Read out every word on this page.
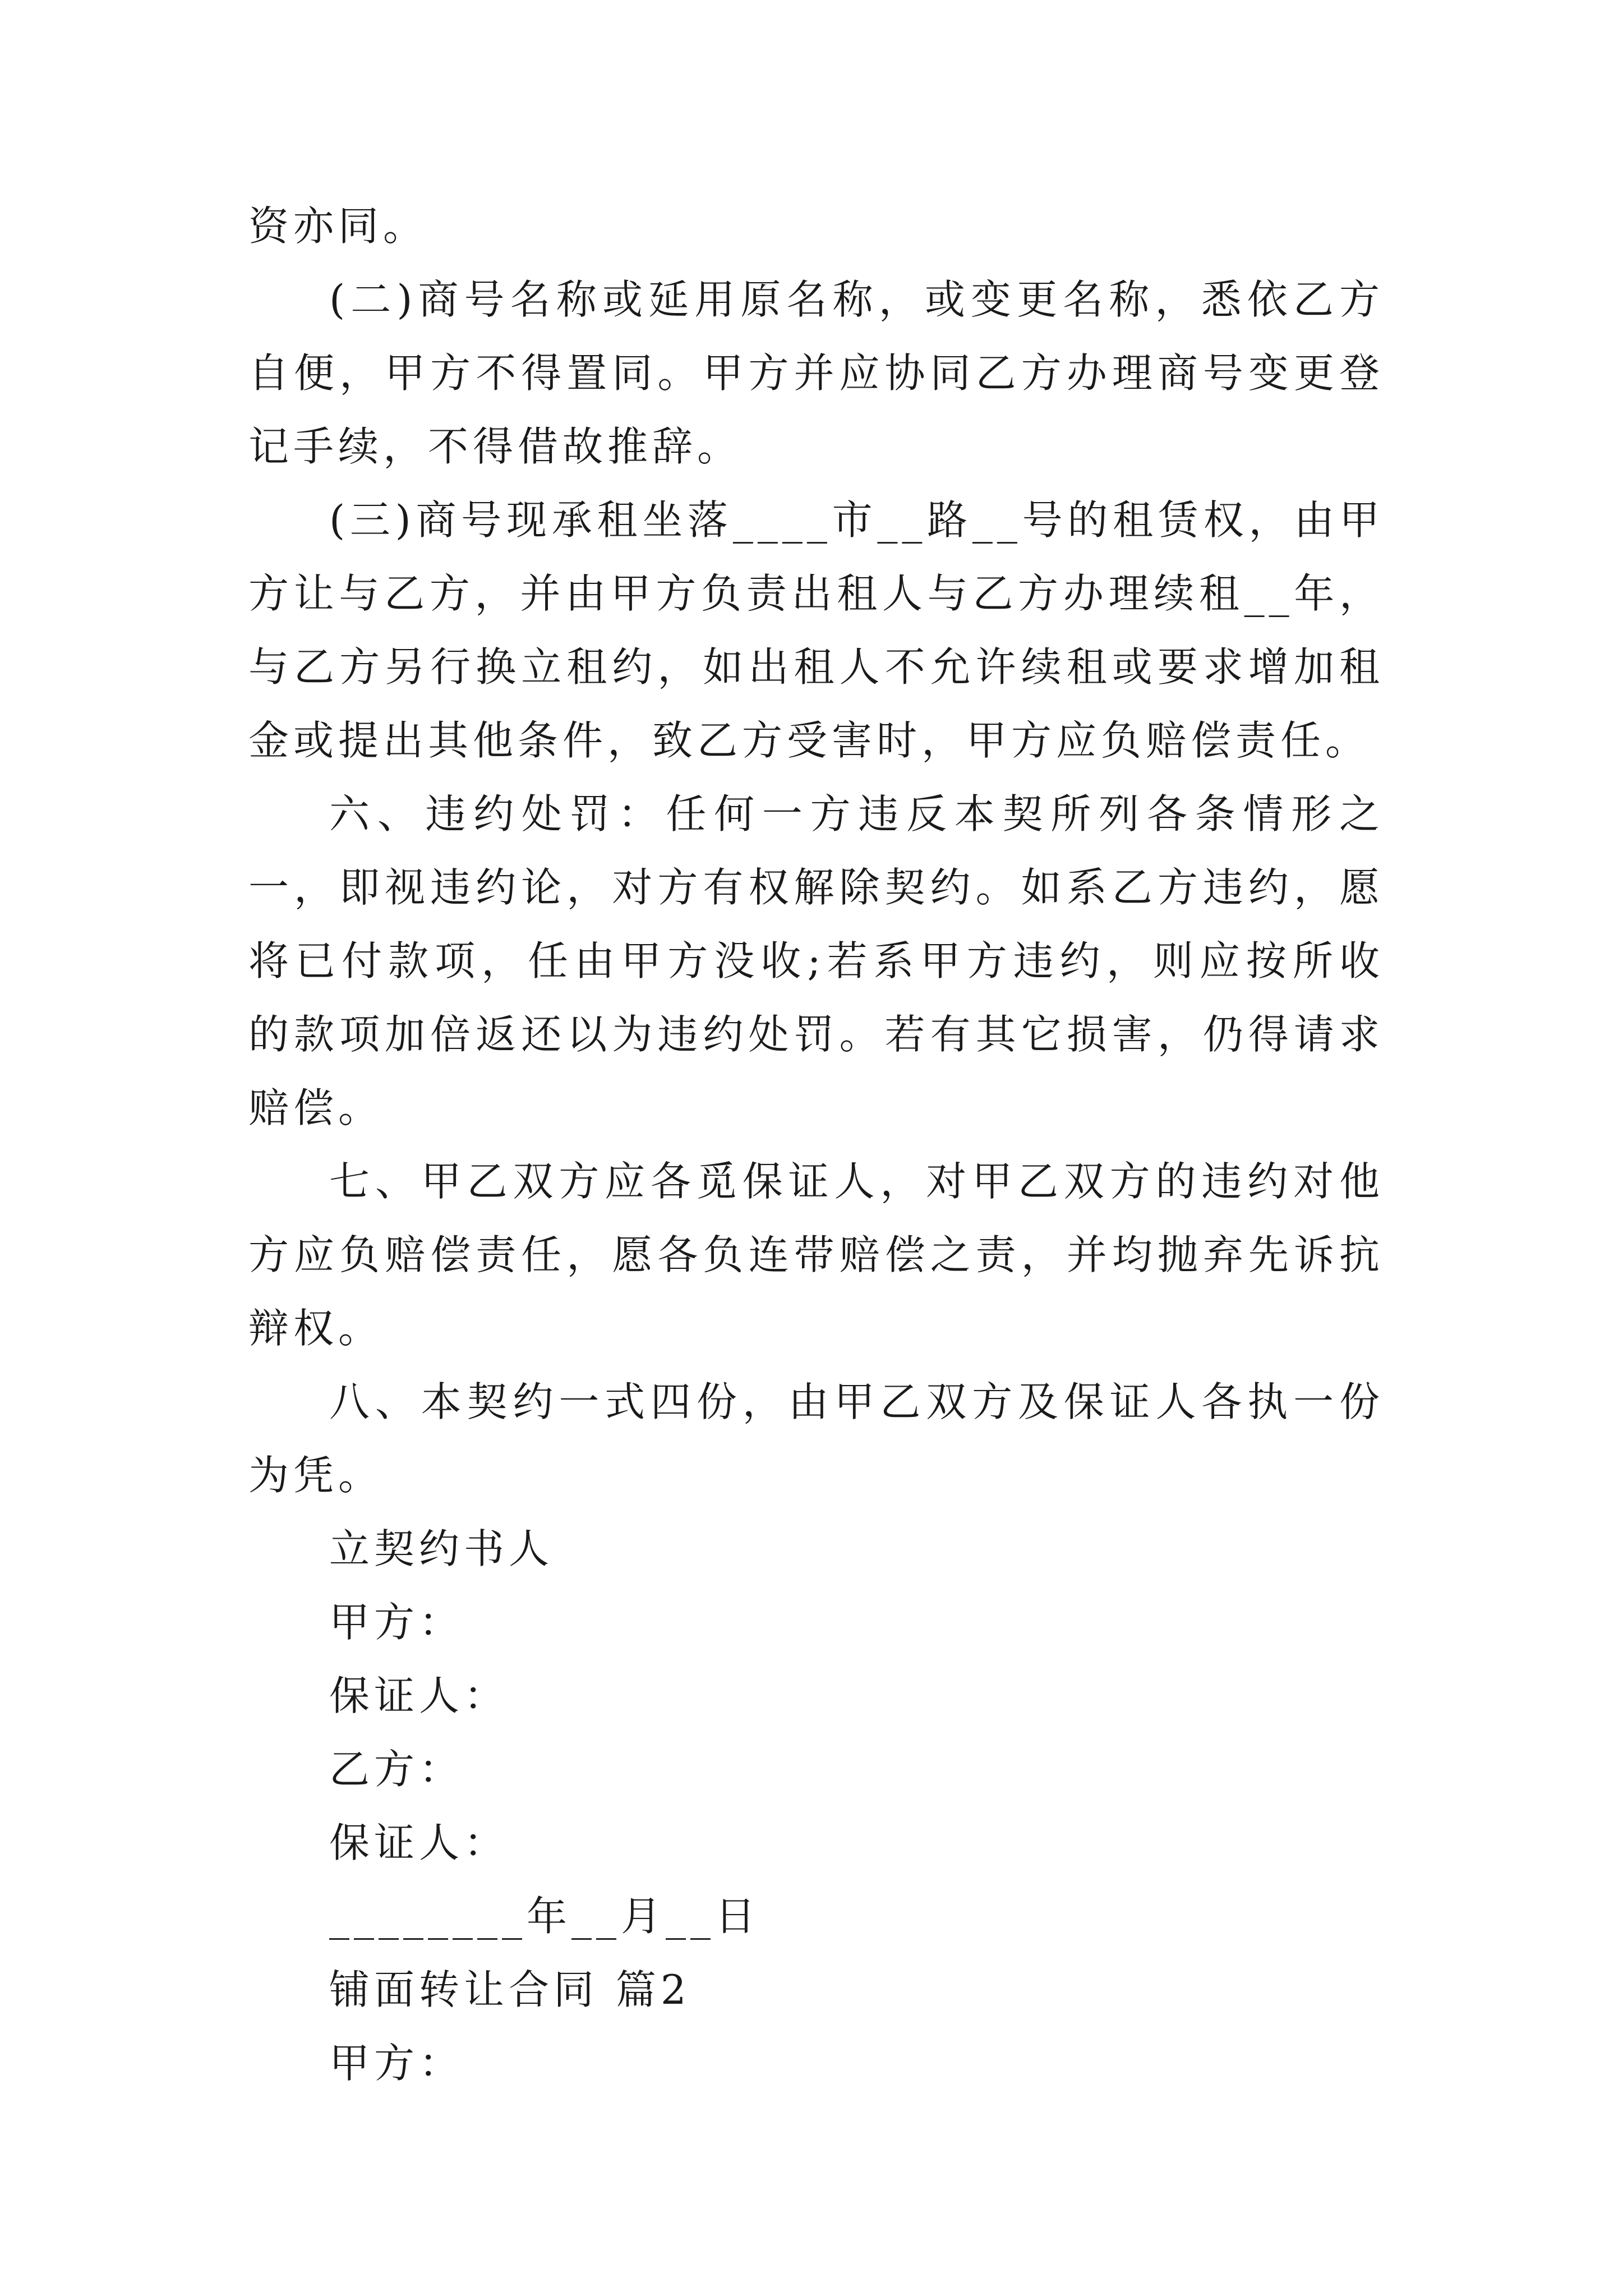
资亦同。

(二)商号名称或延用原名称，或变更名称，悉依乙方自便，甲方不得置同。甲方并应协同乙方办理商号变更登记手续，不得借故推辞。

(三)商号现承租坐落____市__路__号的租赁权，由甲方让与乙方，并由甲方负责出租人与乙方办理续租__年，与乙方另行换立租约，如出租人不允许续租或要求增加租金或提出其他条件，致乙方受害时，甲方应负赔偿责任。

六、违约处罚：任何一方违反本契所列各条情形之一，即视违约论，对方有权解除契约。如系乙方违约，愿将已付款项，任由甲方没收;若系甲方违约，则应按所收的款项加倍返还以为违约处罚。若有其它损害，仍得请求赔偿。

七、甲乙双方应各觅保证人，对甲乙双方的违约对他方应负赔偿责任，愿各负连带赔偿之责，并均抛弃先诉抗辩权。

八、本契约一式四份，由甲乙双方及保证人各执一份为凭。

立契约书人

甲方：

保证人：

乙方：

保证人：

________年__月__日

铺面转让合同 篇2

甲方：
